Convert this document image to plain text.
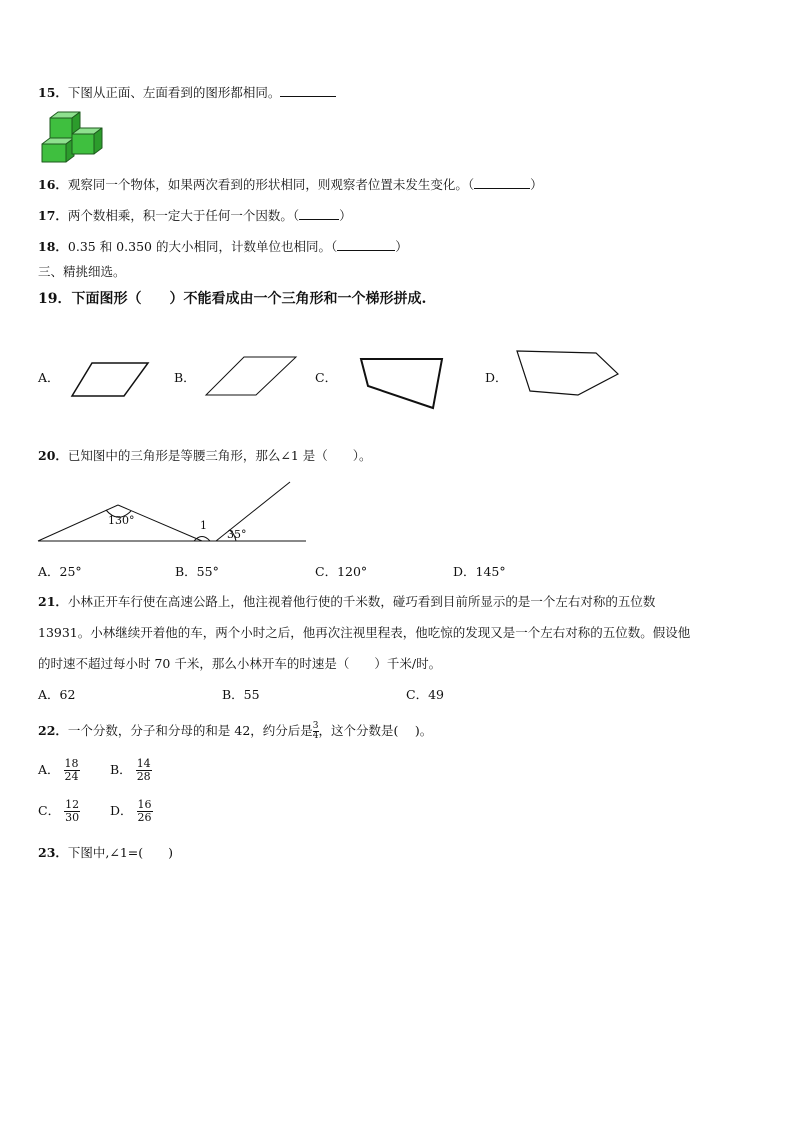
15．下图从正面、左面看到的图形都相同。
16．观察同一个物体，如果两次看到的形状相同，则观察者位置未发生变化。（	）
17．两个数相乘，积一定大于任何一个因数。（	）
18．0.35 和 0.350 的大小相同，计数单位也相同。（	）
三、精挑细选。
19．下面图形（　　）不能看成由一个三角形和一个梯形拼成.
A．	B．	C．	D．
20．已知图中的三角形是等腰三角形，那么∠1 是（　　）。
130°	1
35°
A．25°	B．55°	C．120°	D．145°
21．小林正开车行使在高速公路上，他注视着他行使的千米数，碰巧看到目前所显示的是一个左右对称的五位数
13931。小林继续开着他的车，两个小时之后，他再次注视里程表，他吃惊的发现又是一个左右对称的五位数。假设他
的时速不超过每小时 70 千米，那么小林开车的时速是（　　）千米/时。
A．62	B．55	C．49
22．一个分数，分子和分母的和是 42，约分后是 $\frac{3}{4}$，这个分数是(　 )。
A． $\frac{18}{24}$ B． $\frac{14}{28}$
C． $\frac{12}{30}$ D． $\frac{16}{26}$
23．下图中,∠1=(　　)
